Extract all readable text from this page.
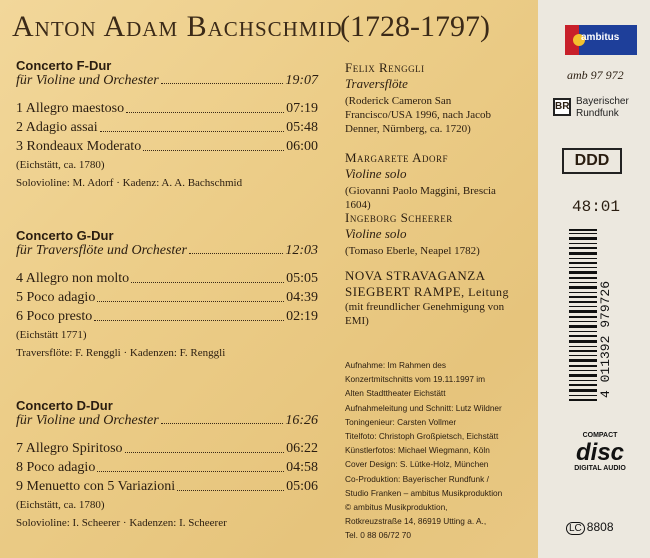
Anton Adam Bachschmid
(1728-1797)
Concerto F-Dur
für Violine und Orchester	19:07
1 Allegro maestoso	07:19
2 Adagio assai	05:48
3 Rondeaux Moderato	06:00
(Eichstätt, ca. 1780)
Solovioline: M. Adorf · Kadenz: A. A. Bachschmid
Concerto G-Dur
für Traversflöte und Orchester	12:03
4 Allegro non molto	05:05
5 Poco adagio	04:39
6 Poco presto	02:19
(Eichstätt 1771)
Traversflöte: F. Renggli · Kadenzen: F. Renggli
Concerto D-Dur
für Violine und Orchester	16:26
7 Allegro Spiritoso	06:22
8 Poco adagio	04:58
9 Menuetto con 5 Variazioni	05:06
(Eichstätt, ca. 1780)
Solovioline: I. Scheerer · Kadenzen: I. Scheerer
Felix Renggli
Traversflöte
(Roderick Cameron San Francisco/USA 1996, nach Jacob Denner, Nürnberg, ca. 1720)
Margarete Adorf
Violine solo
(Giovanni Paolo Maggini, Brescia 1604)
Ingeborg Scheerer
Violine solo
(Tomaso Eberle, Neapel 1782)
NOVA STRAVAGANZA
SIEGBERT RAMPE, Leitung
(mit freundlicher Genehmigung von EMI)
Aufnahme: Im Rahmen des
Konzertmitschnitts vom 19.11.1997 im
Alten Stadttheater Eichstätt
Aufnahmeleitung und Schnitt: Lutz Wildner
Toningenieur: Carsten Vollmer
Titelfoto: Christoph Großpietsch, Eichstätt
Künstlerfotos: Michael Wiegmann, Köln
Cover Design: S. Lütke-Holz, München
Co-Produktion: Bayerischer Rundfunk /
Studio Franken – ambitus Musikproduktion
© ambitus Musikproduktion,
Rotkreuzstraße 14, 86919 Utting a. A.,
Tel. 0 88 06/72 70
ambitus
amb 97 972
BR Bayerischer
Rundfunk
DDD
48:01
4 011392 979726
COMPACT
disc
DIGITAL AUDIO
LC 8808
